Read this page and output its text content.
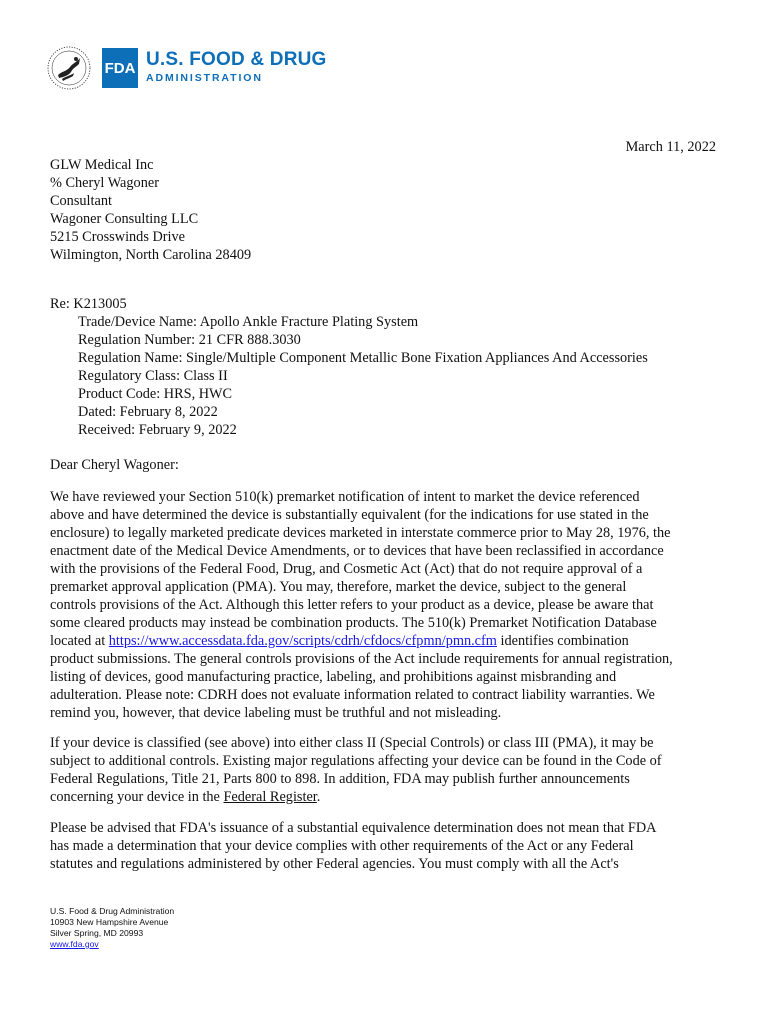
FDA U.S. FOOD & DRUG
ADMINISTRATION
March 11, 2022
GLW Medical Inc
% Cheryl Wagoner
Consultant
Wagoner Consulting LLC
5215 Crosswinds Drive
Wilmington, North Carolina 28409
Re: K213005
Trade/Device Name: Apollo Ankle Fracture Plating System
Regulation Number: 21 CFR 888.3030
Regulation Name: Single/Multiple Component Metallic Bone Fixation Appliances And Accessories
Regulatory Class: Class II
Product Code: HRS, HWC
Dated: February 8, 2022
Received: February 9, 2022
Dear Cheryl Wagoner:
We have reviewed your Section 510(k) premarket notification of intent to market the device referenced
above and have determined the device is substantially equivalent (for the indications for use stated in the
enclosure) to legally marketed predicate devices marketed in interstate commerce prior to May 28, 1976, the
enactment date of the Medical Device Amendments, or to devices that have been reclassified in accordance
with the provisions of the Federal Food, Drug, and Cosmetic Act (Act) that do not require approval of a
premarket approval application (PMA). You may, therefore, market the device, subject to the general
controls provisions of the Act. Although this letter refers to your product as a device, please be aware that
some cleared products may instead be combination products. The 510(k) Premarket Notification Database
located at https://www.accessdata.fda.gov/scripts/cdrh/cfdocs/cfpmn/pmn.cfm identifies combination
product submissions. The general controls provisions of the Act include requirements for annual registration,
listing of devices, good manufacturing practice, labeling, and prohibitions against misbranding and
adulteration. Please note: CDRH does not evaluate information related to contract liability warranties. We
remind you, however, that device labeling must be truthful and not misleading.
If your device is classified (see above) into either class II (Special Controls) or class III (PMA), it may be
subject to additional controls. Existing major regulations affecting your device can be found in the Code of
Federal Regulations, Title 21, Parts 800 to 898. In addition, FDA may publish further announcements
concerning your device in the Federal Register.
Please be advised that FDA's issuance of a substantial equivalence determination does not mean that FDA
has made a determination that your device complies with other requirements of the Act or any Federal
statutes and regulations administered by other Federal agencies. You must comply with all the Act's
U.S. Food & Drug Administration
10903 New Hampshire Avenue
Silver Spring, MD 20993
www.fda.gov
